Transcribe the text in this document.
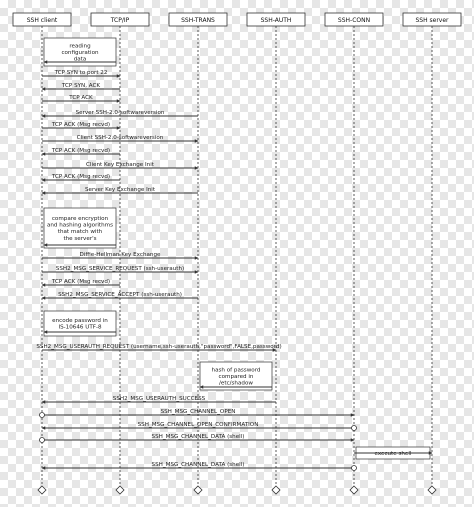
SSH client	TCP/IP	SSH-TRANS	SSH-AUTH	SSH-CONN	SSH server
TCP SYN to port 22
TCP SYN, ACK
TCP ACK
Server SSH-2.0-softwareversion
TCP ACK (Msg recvd)
Client SSH-2.0-softwareversion
TCP ACK (Msg recvd)
Client Key Exchange Init
TCP ACK (Msg recvd)
Server Key Exchange Init
Diffie-Hellman Key Exchange
SSH2_MSG_SERVICE_REQUEST (ssh-userauth)
TCP ACK (Msg recvd)
SSH2_MSG_SERVICE_ACCEPT (ssh-userauth)
SSH2_MSG_USERAUTH_REQUEST (username,ssh-userauth,"password",FALSE,password)
SSH2_MSG_USERAUTH_SUCCESS
SSH_MSG_CHANNEL_OPEN
SSH_MSG_CHANNEL_OPEN_CONFIRMATION
SSH_MSG_CHANNEL_DATA (shell)
SSH_MSG_CHANNEL_DATA (shell)
reading
configuration
data
compare encryption
and hashing algorithms
that match with
the server's
encode password in
IS-10646 UTF-8
hash of password
compared in
/etc/shadow
execute shell
